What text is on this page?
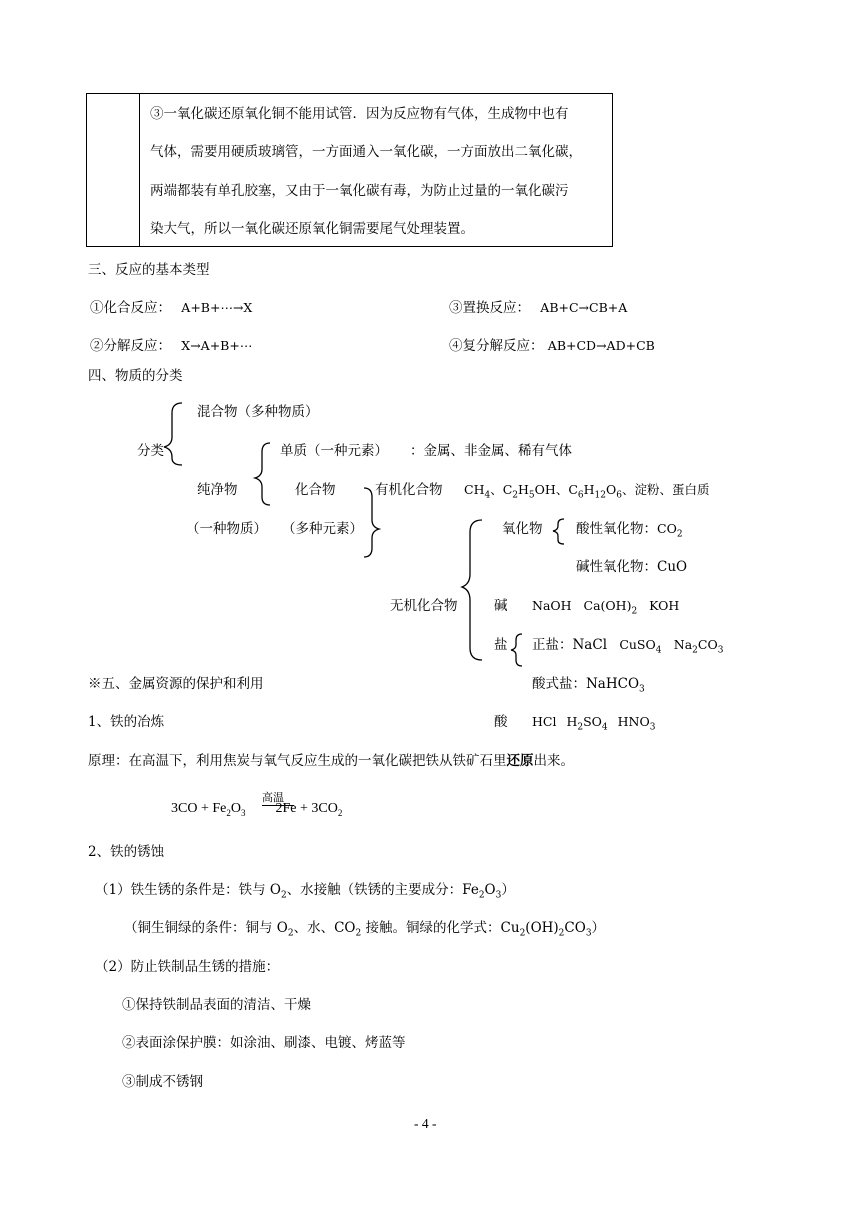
③一氧化碳还原氧化铜不能用试管．因为反应物有气体，生成物中也有
气体，需要用硬质玻璃管，一方面通入一氧化碳，一方面放出二氧化碳，
两端都装有单孔胶塞，又由于一氧化碳有毒，为防止过量的一氧化碳污
染大气，所以一氧化碳还原氧化铜需要尾气处理装置。
三、反应的基本类型
①化合反应： A+B+⋯→X	③置换反应： AB+C→CB+A
②分解反应： X→A+B+⋯	④复分解反应： AB+CD→AD+CB
四、物质的分类
混合物（多种物质）
分类	单质（一种元素） ：金属、非金属、稀有气体
纯净物	化合物	有机化合物 $CH_4$、$C_2H_5OH$、$C_6H_{12}O_6$、淀粉、蛋白质
（一种物质） （多种元素）	氧化物 酸性氧化物：$CO_2$
碱性氧化物：CuO
无机化合物	碱 NaOH $Ca(OH)_2$ KOH
盐 正盐：NaCl CuSO$_4$ $Na_2CO_3$
※五、金属资源的保护和利用	酸式盐：NaHCO$_3$
1、铁的冶炼	酸 HCl $H_2SO_4$ $HNO_3$
原理：在高温下，利用焦炭与氧气反应生成的一氧化碳把铁从铁矿石里还原出来。
高温
$3CO + Fe_2O_3$ $2Fe + 3CO_2$
2、铁的锈蚀
（1）铁生锈的条件是：铁与 $O_2$、水接触（铁锈的主要成分：$Fe_2O_3$）
（铜生铜绿的条件：铜与 $O_2$、水、$CO_2$ 接触。铜绿的化学式：$Cu_2(OH)_2CO_3$）
（2）防止铁制品生锈的措施：
①保持铁制品表面的清洁、干燥
②表面涂保护膜：如涂油、刷漆、电镀、烤蓝等
③制成不锈钢
- 4 -
